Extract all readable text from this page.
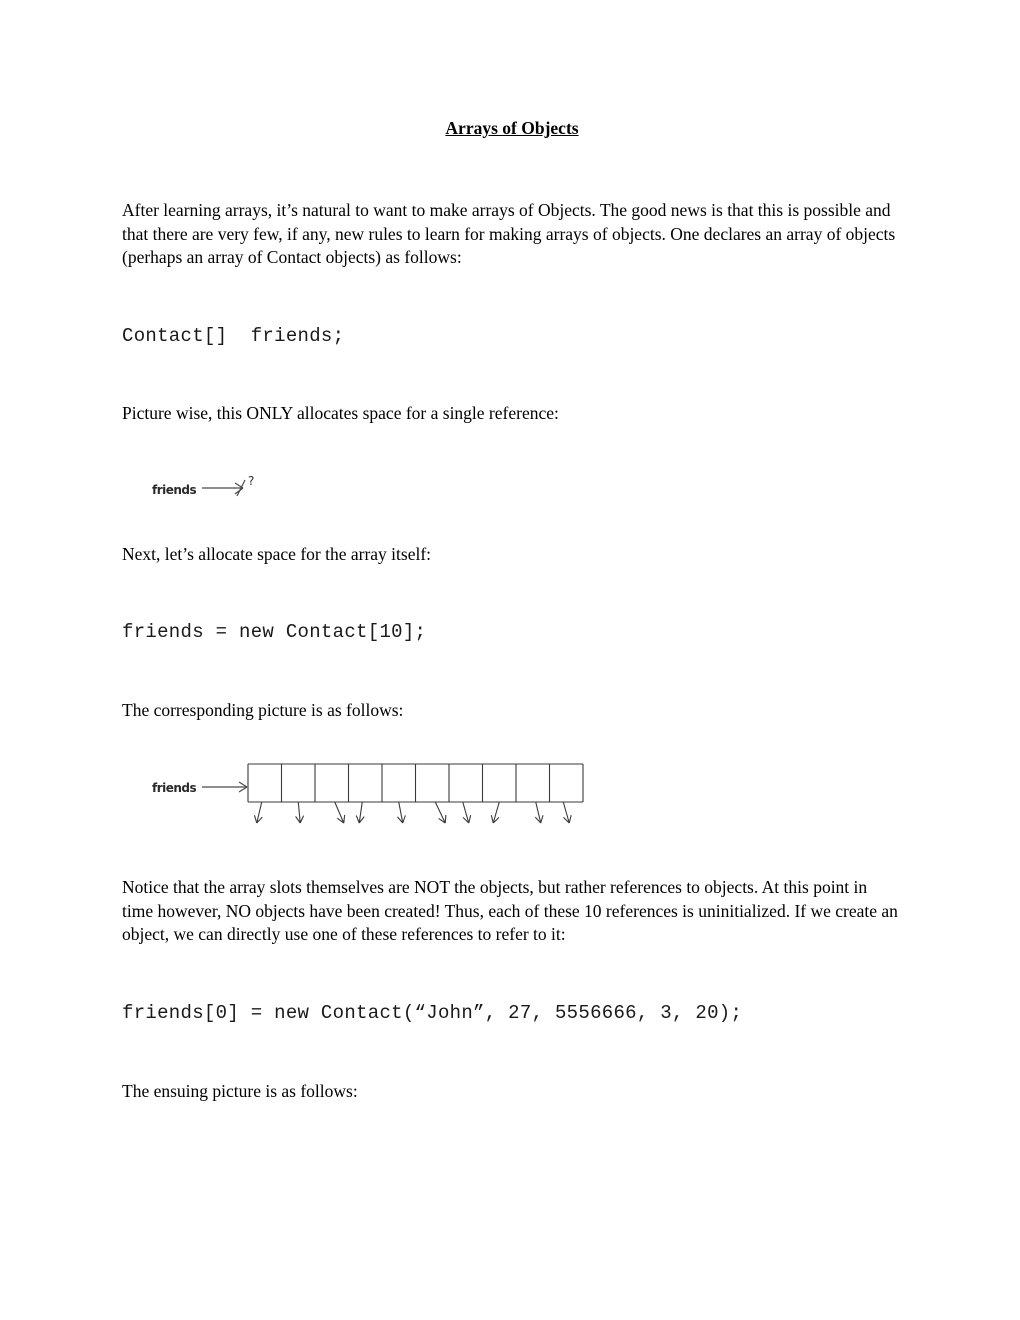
Arrays of Objects

After learning arrays, it’s natural to want to make arrays of Objects. The good news is that this is possible and that there are very few, if any, new rules to learn for making arrays of objects. One declares an array of objects (perhaps an array of Contact objects) as follows:

Contact[]  friends;

Picture wise, this ONLY allocates space for a single reference:

friends
?

Next, let’s allocate space for the array itself:

friends = new Contact[10];

The corresponding picture is as follows:

friends

Notice that the array slots themselves are NOT the objects, but rather references to objects. At this point in time however, NO objects have been created! Thus, each of these 10 references is uninitialized. If we create an object, we can directly use one of these references to refer to it:

friends[0] = new Contact(“John”, 27, 5556666, 3, 20);

The ensuing picture is as follows:
